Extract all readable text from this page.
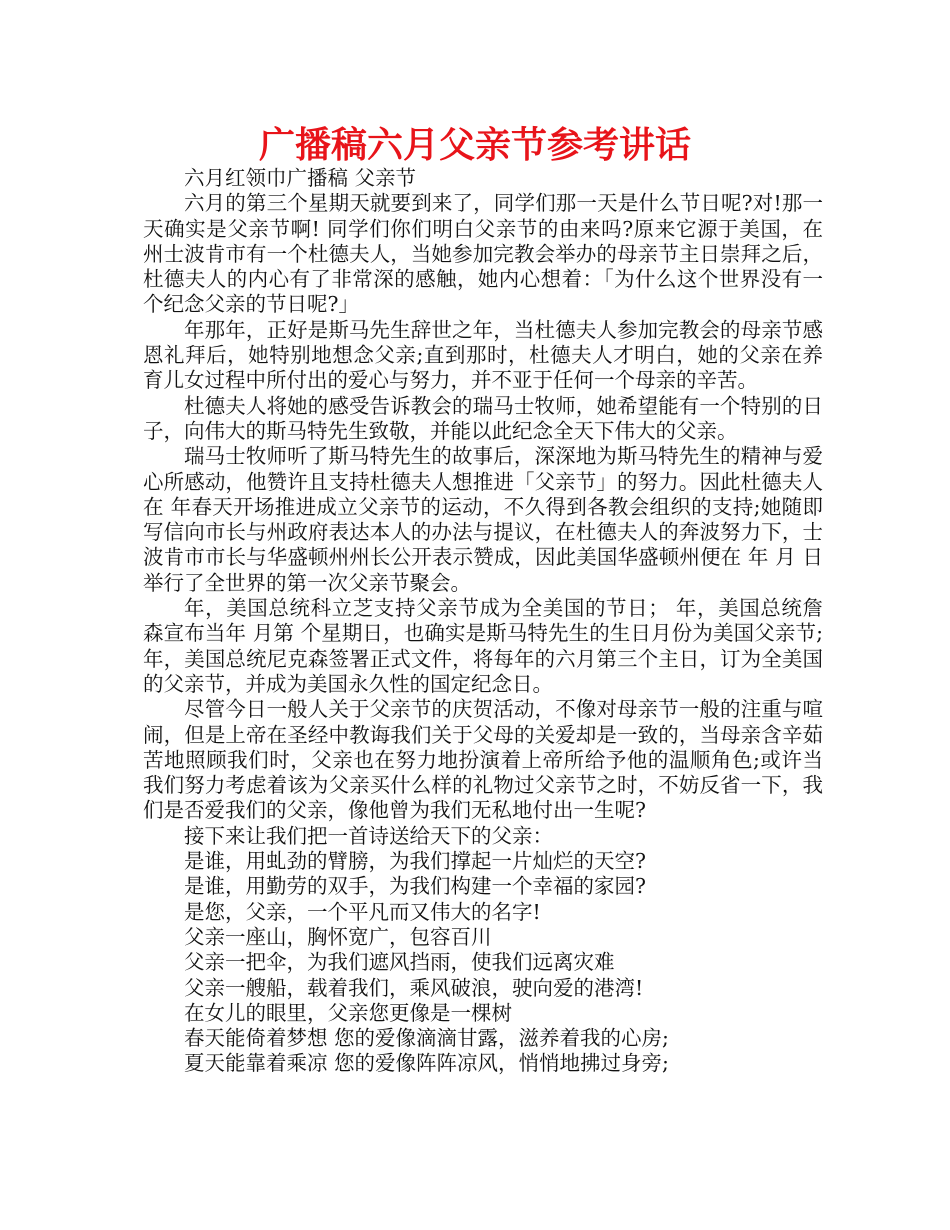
广播稿六月父亲节参考讲话

六月红领巾广播稿 父亲节

六月的第三个星期天就要到来了，同学们那一天是什么节日呢?对!那一天确实是父亲节啊! 同学们你们明白父亲节的由来吗?原来它源于美国，在 州士波肯市有一个杜德夫人，当她参加完教会举办的母亲节主日崇拜之后，杜德夫人的内心有了非常深的感触，她内心想着：「为什么这个世界没有一个纪念父亲的节日呢?」

年那年，正好是斯马先生辞世之年，当杜德夫人参加完教会的母亲节感恩礼拜后，她特别地想念父亲;直到那时，杜德夫人才明白，她的父亲在养育儿女过程中所付出的爱心与努力，并不亚于任何一个母亲的辛苦。

杜德夫人将她的感受告诉教会的瑞马士牧师，她希望能有一个特别的日子，向伟大的斯马特先生致敬，并能以此纪念全天下伟大的父亲。

瑞马士牧师听了斯马特先生的故事后，深深地为斯马特先生的精神与爱心所感动，他赞许且支持杜德夫人想推进「父亲节」的努力。因此杜德夫人在 年春天开场推进成立父亲节的运动，不久得到各教会组织的支持;她随即写信向市长与州政府表达本人的办法与提议，在杜德夫人的奔波努力下，士波肯市市长与华盛顿州州长公开表示赞成，因此美国华盛顿州便在 年 月 日举行了全世界的第一次父亲节聚会。

年，美国总统科立芝支持父亲节成为全美国的节日； 年，美国总统詹森宣布当年 月第 个星期日，也确实是斯马特先生的生日月份为美国父亲节; 年，美国总统尼克森签署正式文件，将每年的六月第三个主日，订为全美国的父亲节，并成为美国永久性的国定纪念日。

尽管今日一般人关于父亲节的庆贺活动，不像对母亲节一般的注重与喧闹，但是上帝在圣经中教诲我们关于父母的关爱却是一致的，当母亲含辛茹苦地照顾我们时，父亲也在努力地扮演着上帝所给予他的温顺角色;或许当我们努力考虑着该为父亲买什么样的礼物过父亲节之时，不妨反省一下，我们是否爱我们的父亲，像他曾为我们无私地付出一生呢?

接下来让我们把一首诗送给天下的父亲：

是谁，用虬劲的臂膀，为我们撑起一片灿烂的天空?

是谁，用勤劳的双手，为我们构建一个幸福的家园?

是您，父亲，一个平凡而又伟大的名字!

父亲一座山，胸怀宽广，包容百川

父亲一把伞，为我们遮风挡雨，使我们远离灾难

父亲一艘船，载着我们，乘风破浪，驶向爱的港湾!

在女儿的眼里，父亲您更像是一棵树

春天能倚着梦想 您的爱像滴滴甘露，滋养着我的心房;

夏天能靠着乘凉 您的爱像阵阵凉风，悄悄地拂过身旁;
